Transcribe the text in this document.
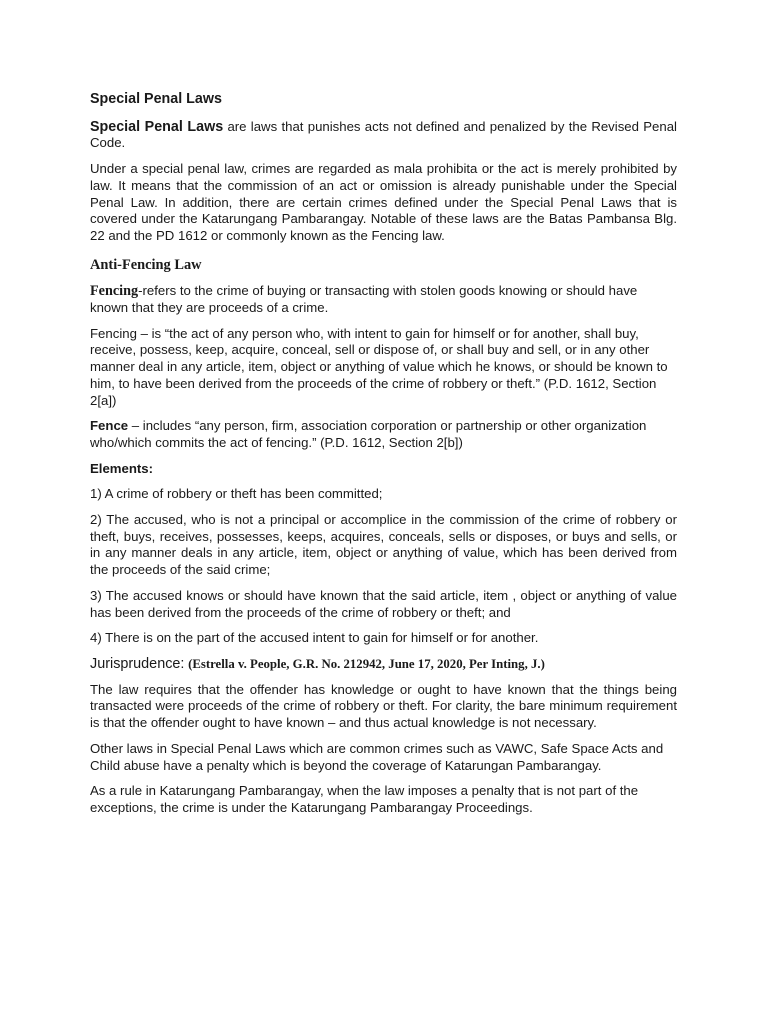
Special Penal Laws

Special Penal Laws are laws that punishes acts not defined and penalized by the Revised Penal Code.

Under a special penal law, crimes are regarded as mala prohibita or the act is merely prohibited by law. It means that the commission of an act or omission is already punishable under the Special Penal Law. In addition, there are certain crimes defined under the Special Penal Laws that is covered under the Katarungang Pambarangay. Notable of these laws are the Batas Pambansa Blg. 22 and the PD 1612 or commonly known as the Fencing law.

Anti-Fencing Law

Fencing-refers to the crime of buying or transacting with stolen goods knowing or should have known that they are proceeds of a crime.

Fencing – is “the act of any person who, with intent to gain for himself or for another, shall buy, receive, possess, keep, acquire, conceal, sell or dispose of, or shall buy and sell, or in any other manner deal in any article, item, object or anything of value which he knows, or should be known to him, to have been derived from the proceeds of the crime of robbery or theft.” (P.D. 1612, Section 2[a])

Fence – includes “any person, firm, association corporation or partnership or other organization who/which commits the act of fencing.” (P.D. 1612, Section 2[b])

Elements:

1) A crime of robbery or theft has been committed;

2) The accused, who is not a principal or accomplice in the commission of the crime of robbery or theft, buys, receives, possesses, keeps, acquires, conceals, sells or disposes, or buys and sells, or in any manner deals in any article, item, object or anything of value, which has been derived from the proceeds of the said crime;

3) The accused knows or should have known that the said article, item , object or anything of value has been derived from the proceeds of the crime of robbery or theft; and

4) There is on the part of the accused intent to gain for himself or for another.

Jurisprudence: (Estrella v. People, G.R. No. 212942, June 17, 2020, Per Inting, J.)

The law requires that the offender has knowledge or ought to have known that the things being transacted were proceeds of the crime of robbery or theft. For clarity, the bare minimum requirement is that the offender ought to have known – and thus actual knowledge is not necessary.

Other laws in Special Penal Laws which are common crimes such as VAWC, Safe Space Acts and Child abuse have a penalty which is beyond the coverage of Katarungan Pambarangay.

As a rule in Katarungang Pambarangay, when the law imposes a penalty that is not part of the exceptions, the crime is under the Katarungang Pambarangay Proceedings.
